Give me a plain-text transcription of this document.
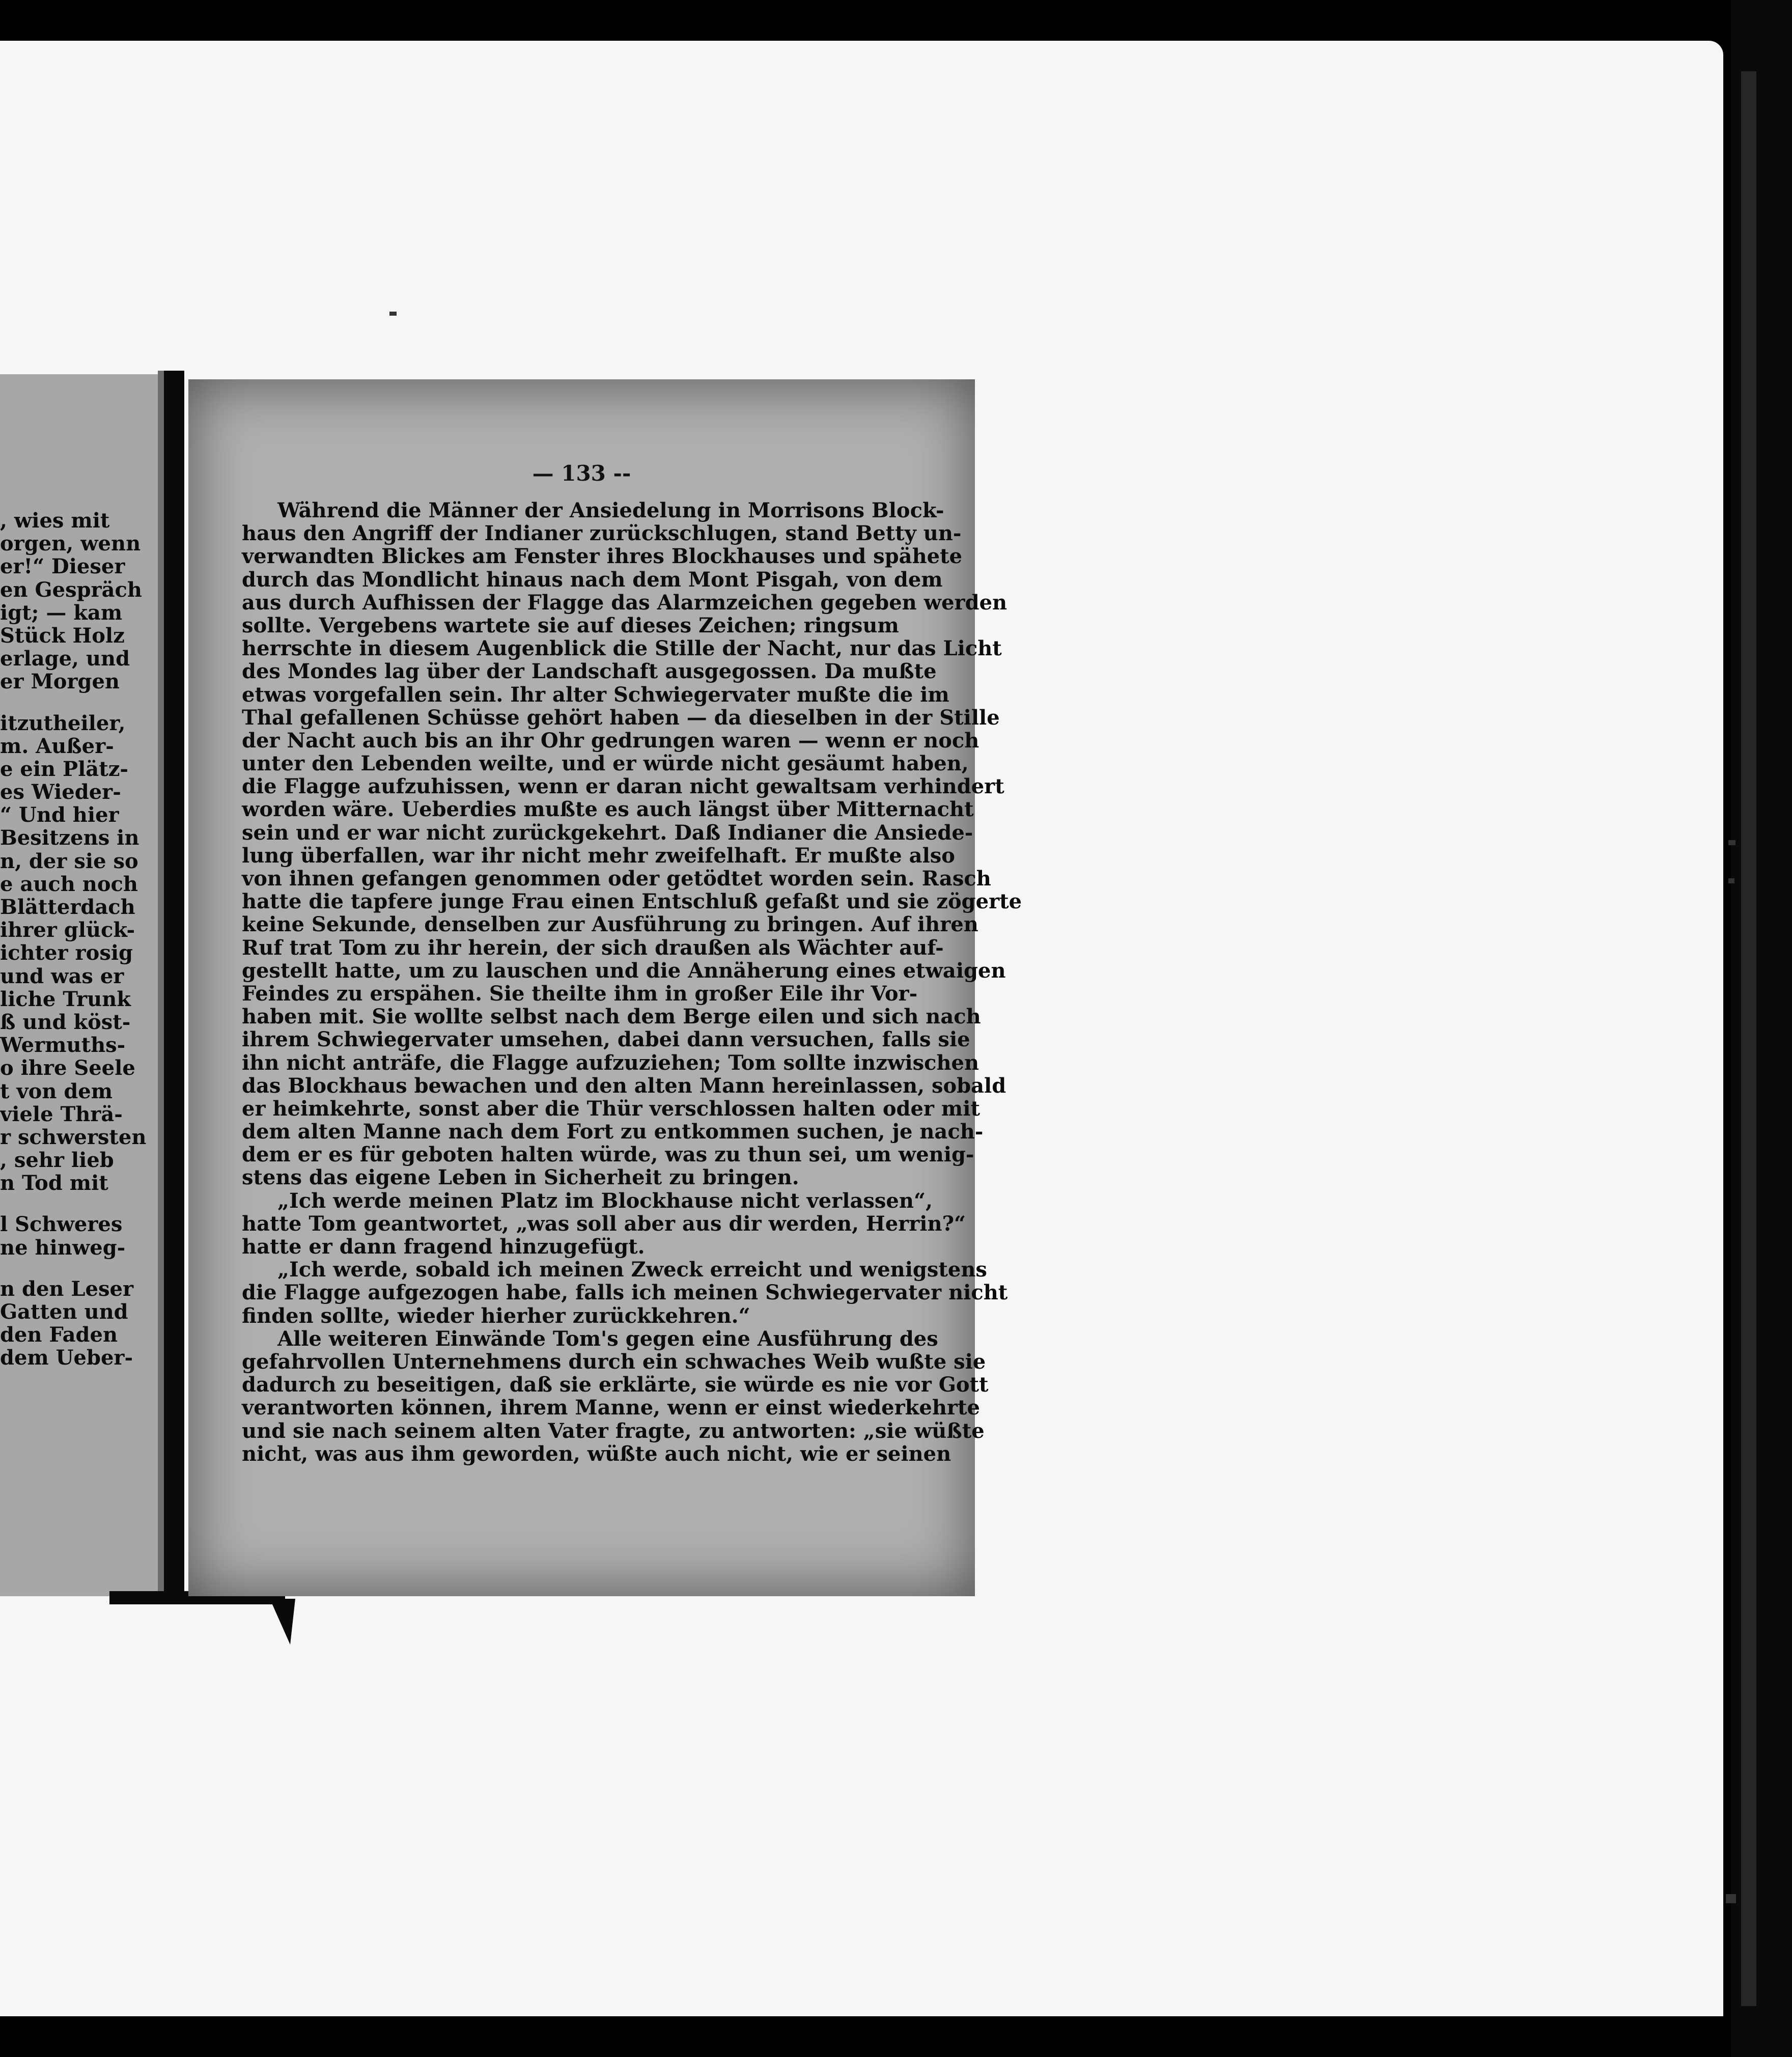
, wies mit
orgen, wenn
er!“ Dieser
en Gespräch
igt; — kam
Stück Holz
erlage, und
er Morgen
itzutheiler,
m. Außer-
e ein Plätz-
es Wieder-
“ Und hier
Besitzens in
n, der sie so
e auch noch
Blätterdach
ihrer glück-
ichter rosig
und was er
liche Trunk
ß und köst-
Wermuths-
o ihre Seele
t von dem
viele Thrä-
r schwersten
, sehr lieb
n Tod mit
l Schweres
ne hinweg-
n den Leser
Gatten und
den Faden
dem Ueber-
— 133 --
Während die Männer der Ansiedelung in Morrisons Block-
haus den Angriff der Indianer zurückschlugen, stand Betty un-
verwandten Blickes am Fenster ihres Blockhauses und spähete
durch das Mondlicht hinaus nach dem Mont Pisgah, von dem
aus durch Aufhissen der Flagge das Alarmzeichen gegeben werden
sollte. Vergebens wartete sie auf dieses Zeichen; ringsum
herrschte in diesem Augenblick die Stille der Nacht, nur das Licht
des Mondes lag über der Landschaft ausgegossen. Da mußte
etwas vorgefallen sein. Ihr alter Schwiegervater mußte die im
Thal gefallenen Schüsse gehört haben — da dieselben in der Stille
der Nacht auch bis an ihr Ohr gedrungen waren — wenn er noch
unter den Lebenden weilte, und er würde nicht gesäumt haben,
die Flagge aufzuhissen, wenn er daran nicht gewaltsam verhindert
worden wäre. Ueberdies mußte es auch längst über Mitternacht
sein und er war nicht zurückgekehrt. Daß Indianer die Ansiede-
lung überfallen, war ihr nicht mehr zweifelhaft. Er mußte also
von ihnen gefangen genommen oder getödtet worden sein. Rasch
hatte die tapfere junge Frau einen Entschluß gefaßt und sie zögerte
keine Sekunde, denselben zur Ausführung zu bringen. Auf ihren
Ruf trat Tom zu ihr herein, der sich draußen als Wächter auf-
gestellt hatte, um zu lauschen und die Annäherung eines etwaigen
Feindes zu erspähen. Sie theilte ihm in großer Eile ihr Vor-
haben mit. Sie wollte selbst nach dem Berge eilen und sich nach
ihrem Schwiegervater umsehen, dabei dann versuchen, falls sie
ihn nicht anträfe, die Flagge aufzuziehen; Tom sollte inzwischen
das Blockhaus bewachen und den alten Mann hereinlassen, sobald
er heimkehrte, sonst aber die Thür verschlossen halten oder mit
dem alten Manne nach dem Fort zu entkommen suchen, je nach-
dem er es für geboten halten würde, was zu thun sei, um wenig-
stens das eigene Leben in Sicherheit zu bringen.
„Ich werde meinen Platz im Blockhause nicht verlassen“,
hatte Tom geantwortet, „was soll aber aus dir werden, Herrin?“
hatte er dann fragend hinzugefügt.
„Ich werde, sobald ich meinen Zweck erreicht und wenigstens
die Flagge aufgezogen habe, falls ich meinen Schwiegervater nicht
finden sollte, wieder hierher zurückkehren.“
Alle weiteren Einwände Tom's gegen eine Ausführung des
gefahrvollen Unternehmens durch ein schwaches Weib wußte sie
dadurch zu beseitigen, daß sie erklärte, sie würde es nie vor Gott
verantworten können, ihrem Manne, wenn er einst wiederkehrte
und sie nach seinem alten Vater fragte, zu antworten: „sie wüßte
nicht, was aus ihm geworden, wüßte auch nicht, wie er seinen
